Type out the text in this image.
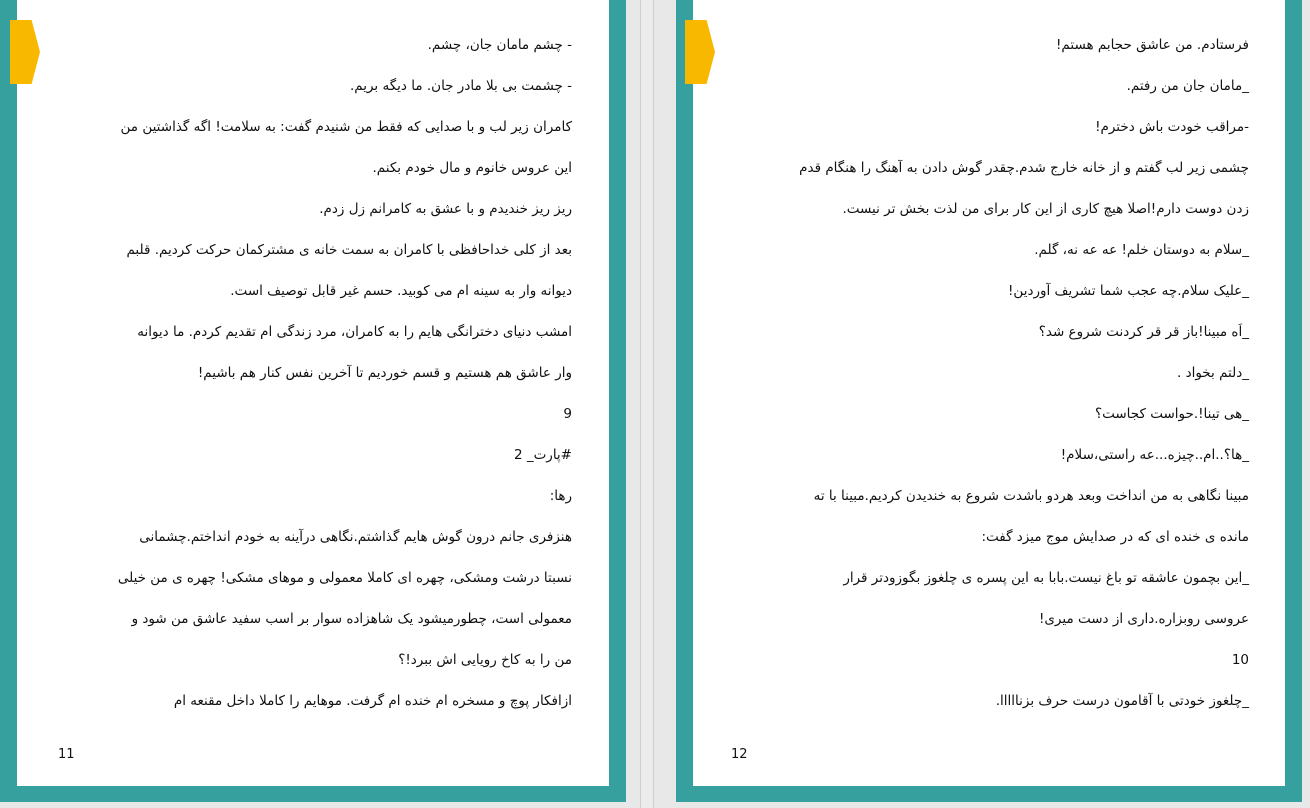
- چشم مامان جان، چشم.
- چشمت بی بلا مادر جان. ما دیگه بریم.
کامران زیر لب و با صدایی که فقط من شنیدم گفت: به سلامت! اگه گذاشتین من
این عروس خانوم و مال خودم بکنم.
ریز ریز خندیدم و با عشق به کامرانم زل زدم.
بعد از کلی خداحافظی با کامران به سمت خانه ی مشترکمان حرکت کردیم. قلبم
دیوانه وار به سینه ام می کوبید. حسم غیر قابل توصیف است.
امشب دنیای دخترانگی هایم را به کامران، مرد زندگی ام تقدیم کردم. ما دیوانه
وار عاشق هم هستیم و قسم خوردیم تا آخرین نفس کنار هم باشیم!
9
#پارت_ 2
رها:
هنزفری جانم درون گوش هایم گذاشتم.نگاهی درآینه به خودم انداختم.چشمانی
نسبتا درشت ومشکی، چهره ای کاملا معمولی و موهای مشکی! چهره ی من خیلی
معمولی است، چطورمیشود یک شاهزاده سوار بر اسب سفید عاشق من شود و
من را به کاخ رویایی اش ببرد!؟
ازافکار پوچ و مسخره ام خنده ام گرفت. موهایم را کاملا داخل مقنعه ام
11
فرستادم. من عاشق حجابم هستم!
_مامان جان من رفتم.
-مراقب خودت باش دخترم!
چشمی زیر لب گفتم و از خانه خارج شدم.چقدر گوش دادن به آهنگ را هنگام قدم
زدن دوست دارم!اصلا هیچ کاری از این کار برای من لذت بخش تر نیست.
_سلام به دوستان خلم! عه عه نه، گلم.
_علیک سلام.چه عجب شما تشریف آوردین!
_اَه مبینا!باز قر قر کردنت شروع شد؟
_دلتم بخواد .
_هی تینا!.حواست کجاست؟
_ها؟..ام..چیزه...عه راستی،سلام!
مبینا نگاهی به من انداخت وبعد هردو باشدت شروع به خندیدن کردیم.مبینا با ته
مانده ی خنده ای که در صدایش موج میزد گفت:
_این بچمون عاشقه تو باغ نیست.بابا به این پسره ی چلغوز بگوزودتر قرار
عروسی روبزاره.داری از دست میری!
10
_چلغوز خودتی با آقامون درست حرف بزنااااا.
12
